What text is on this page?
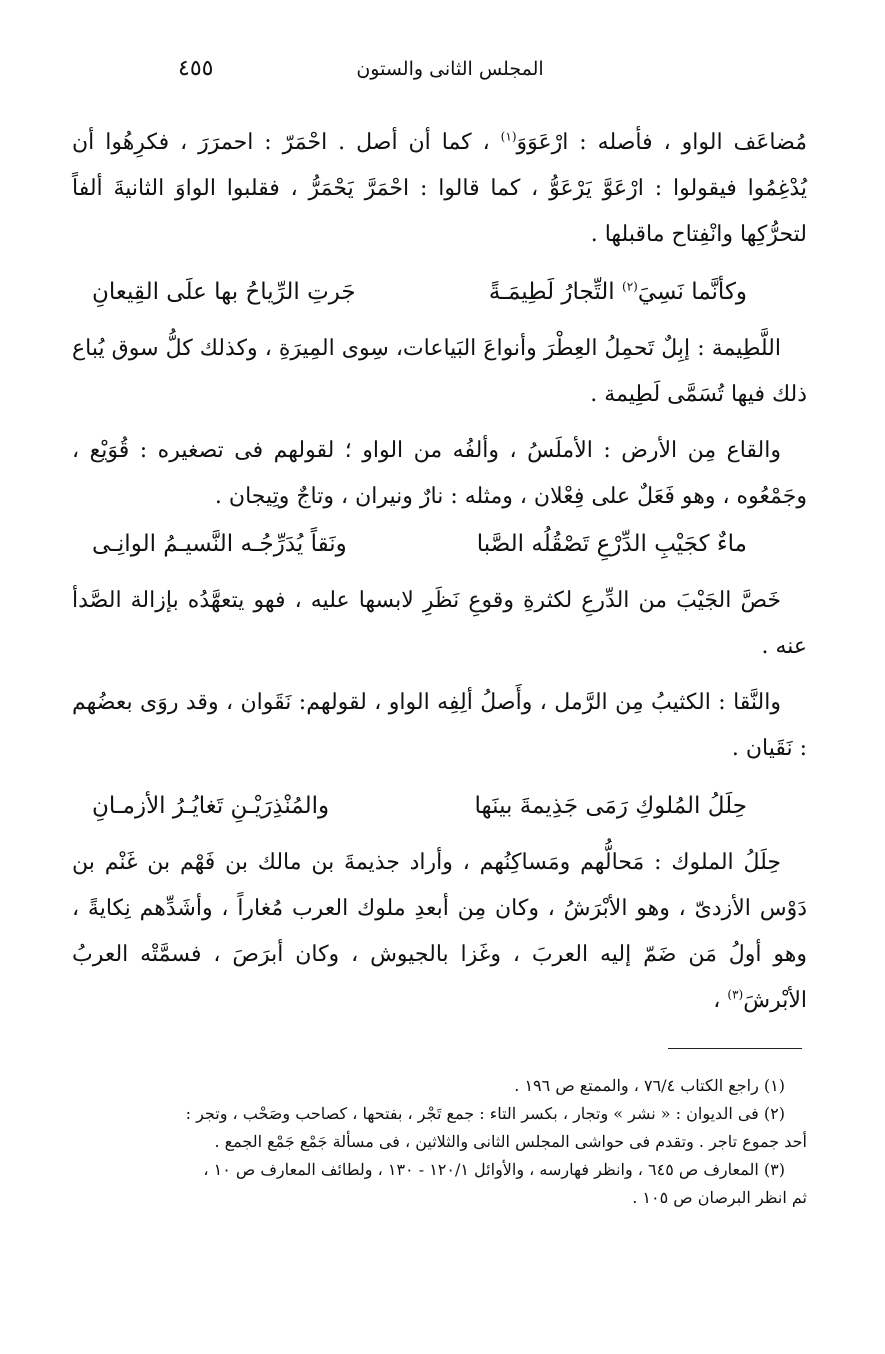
المجلس الثانى والستون
٤٥٥

مُضاعَف الواو ، فأصله : ارْعَوَوَ$^{(١)}$ ، كما أن أصل . احْمَرّ : احمرَرَ ، فكرِهُوا أن يُدْغِمُوا فيقولوا : ارْعَوَّ يَرْعَوُّ ، كما قالوا : احْمَرَّ يَحْمَرُّ ، فقلبوا الواوَ الثانيةَ ألفاً لتحرُّكِها وانْفِتاح ماقبلها .

وكأنَّما نَسِيَ$^{(٢)}$ التِّجارُ لَطِيمَـةً
جَرتِ الرِّياحُ بها علَى القِيعانِ

اللَّطِيمة : إبِلٌ تَحمِلُ العِطْرَ وأنواعَ البَياعات، سِوى المِيرَةِ ، وكذلك كلُّ سوق يُباع ذلك فيها تُسَمَّى لَطِيمة .

والقاع مِن الأرض : الأملَسُ ، وألفُه من الواو ؛ لقولهم فى تصغيره : قُوَيْع ، وجَمْعُوه ، وهو فَعَلٌ على فِعْلان ، ومثله : نارٌ ونيران ، وتاجٌ وتِيجان .

ماءٌ كجَيْبِ الدِّرْعِ تَصْقُلُه الصَّبا
ونَقاً يُدَرِّجُـه النَّسيـمُ الوانِـى

خَصَّ الجَيْبَ من الدِّرعِ لكثرةِ وقوعِ نَظَرِ لابسها عليه ، فهو يتعهَّدُه بإزالة الصَّدأ عنه .

والنَّقا : الكثيبُ مِن الرَّمل ، وأَصلُ ألِفِه الواو ، لقولهم: نَقَوان ، وقد روَى بعضُهم : نَقَيان .

حِلَلُ المُلوكِ رَمَى جَذِيمةَ بينَها
والمُنْذِرَيْـنِ تَغايُـرُ الأزمـانِ

حِلَلُ الملوك : مَحالُّهم ومَساكِنُهم ، وأراد جذيمةَ بن مالك بن فَهْم بن غَنْم بن دَوْس الأزدىّ ، وهو الأبْرَشُ ، وكان مِن أبعدِ ملوك العرب مُغاراً ، وأشَدِّهم نِكايةً ، وهو أولُ مَن ضَمّ إليه العربَ ، وغَزا بالجيوش ، وكان أبرَصَ ، فسمَّتْه العربُ الأبْرشَ$^{(٣)}$ ،

(١) راجع الكتاب ٧٦/٤ ، والممتع ص ١٩٦ .

(٢) فى الديوان : « نشر » وتجار ، بكسر التاء : جمع تَجْر ، بفتحها ، كصاحب وصَحْب ، وتجر :

أحد جموع تاجر . وتقدم فى حواشى المجلس الثانى والثلاثين ، فى مسألة جَمْع جَمْع الجمع .

(٣) المعارف ص ٦٤٥ ، وانظر فهارسه ، والأوائل ١٢٠/١ - ١٣٠ ، ولطائف المعارف ص ١٠ ،

ثم انظر البرصان ص ١٠٥ .
